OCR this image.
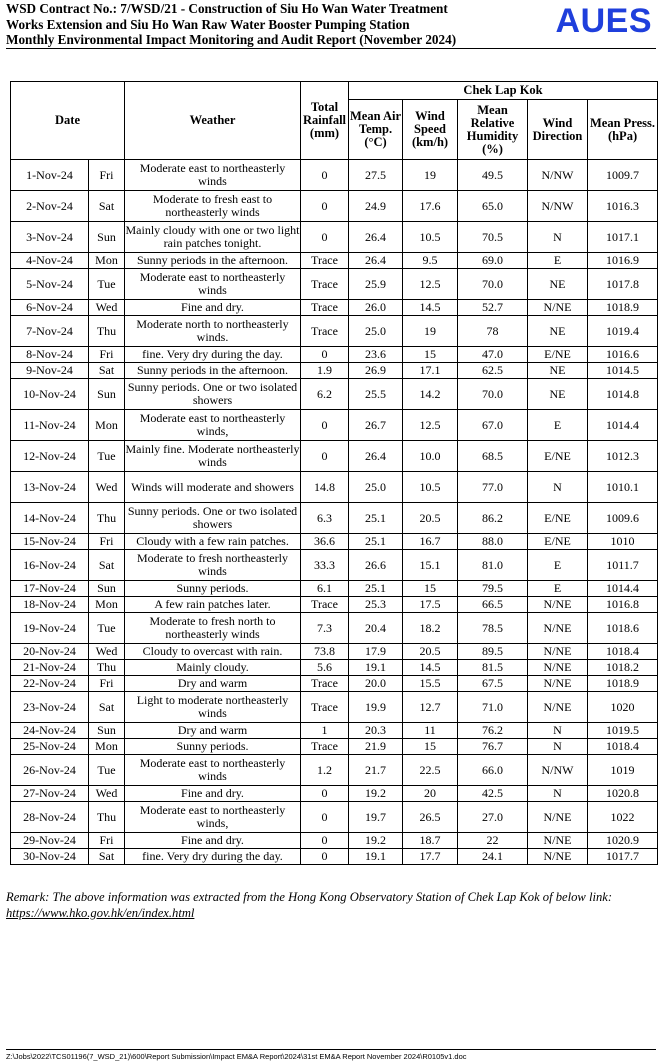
WSD Contract No.: 7/WSD/21 - Construction of Siu Ho Wan Water Treatment
Works Extension and Siu Ho Wan Raw Water Booster Pumping Station
Monthly Environmental Impact Monitoring and Audit Report (November 2024)	AUES
Date		Weather	Total Rainfall (mm)	Chek Lap Kok				
				Mean Air Temp. (°C)	Wind Speed (km/h)	Mean Relative Humidity (%)	Wind Direction	Mean Press. (hPa)
1-Nov-24	Fri	Moderate east to northeasterly winds	0	27.5	19	49.5	N/NW	1009.7
2-Nov-24	Sat	Moderate to fresh east to northeasterly winds	0	24.9	17.6	65.0	N/NW	1016.3
3-Nov-24	Sun	Mainly cloudy with one or two light rain patches tonight.	0	26.4	10.5	70.5	N	1017.1
4-Nov-24	Mon	Sunny periods in the afternoon.	Trace	26.4	9.5	69.0	E	1016.9
5-Nov-24	Tue	Moderate east to northeasterly winds	Trace	25.9	12.5	70.0	NE	1017.8
6-Nov-24	Wed	Fine and dry.	Trace	26.0	14.5	52.7	N/NE	1018.9
7-Nov-24	Thu	Moderate north to northeasterly winds.	Trace	25.0	19	78	NE	1019.4
8-Nov-24	Fri	fine. Very dry during the day.	0	23.6	15	47.0	E/NE	1016.6
9-Nov-24	Sat	Sunny periods in the afternoon.	1.9	26.9	17.1	62.5	NE	1014.5
10-Nov-24	Sun	Sunny periods. One or two isolated showers	6.2	25.5	14.2	70.0	NE	1014.8
11-Nov-24	Mon	Moderate east to northeasterly winds,	0	26.7	12.5	67.0	E	1014.4
12-Nov-24	Tue	Mainly fine. Moderate northeasterly winds	0	26.4	10.0	68.5	E/NE	1012.3
13-Nov-24	Wed	Winds will moderate and showers	14.8	25.0	10.5	77.0	N	1010.1
14-Nov-24	Thu	Sunny periods. One or two isolated showers	6.3	25.1	20.5	86.2	E/NE	1009.6
15-Nov-24	Fri	Cloudy with a few rain patches.	36.6	25.1	16.7	88.0	E/NE	1010
16-Nov-24	Sat	Moderate to fresh northeasterly winds	33.3	26.6	15.1	81.0	E	1011.7
17-Nov-24	Sun	Sunny periods.	6.1	25.1	15	79.5	E	1014.4
18-Nov-24	Mon	A few rain patches later.	Trace	25.3	17.5	66.5	N/NE	1016.8
19-Nov-24	Tue	Moderate to fresh north to northeasterly winds	7.3	20.4	18.2	78.5	N/NE	1018.6
20-Nov-24	Wed	Cloudy to overcast with rain.	73.8	17.9	20.5	89.5	N/NE	1018.4
21-Nov-24	Thu	Mainly cloudy.	5.6	19.1	14.5	81.5	N/NE	1018.2
22-Nov-24	Fri	Dry and warm	Trace	20.0	15.5	67.5	N/NE	1018.9
23-Nov-24	Sat	Light to moderate northeasterly winds	Trace	19.9	12.7	71.0	N/NE	1020
24-Nov-24	Sun	Dry and warm	1	20.3	11	76.2	N	1019.5
25-Nov-24	Mon	Sunny periods.	Trace	21.9	15	76.7	N	1018.4
26-Nov-24	Tue	Moderate east to northeasterly winds	1.2	21.7	22.5	66.0	N/NW	1019
27-Nov-24	Wed	Fine and dry.	0	19.2	20	42.5	N	1020.8
28-Nov-24	Thu	Moderate east to northeasterly winds,	0	19.7	26.5	27.0	N/NE	1022
29-Nov-24	Fri	Fine and dry.	0	19.2	18.7	22	N/NE	1020.9
30-Nov-24	Sat	fine. Very dry during the day.	0	19.1	17.7	24.1	N/NE	1017.7
Remark: The above information was extracted from the Hong Kong Observatory Station of Chek Lap Kok of below link:
https://www.hko.gov.hk/en/index.html
Z:\Jobs\2022\TCS01196(7_WSD_21)\600\Report Submission\Impact EM&A Report\2024\31st EM&A Report November 2024\R0105v1.doc
